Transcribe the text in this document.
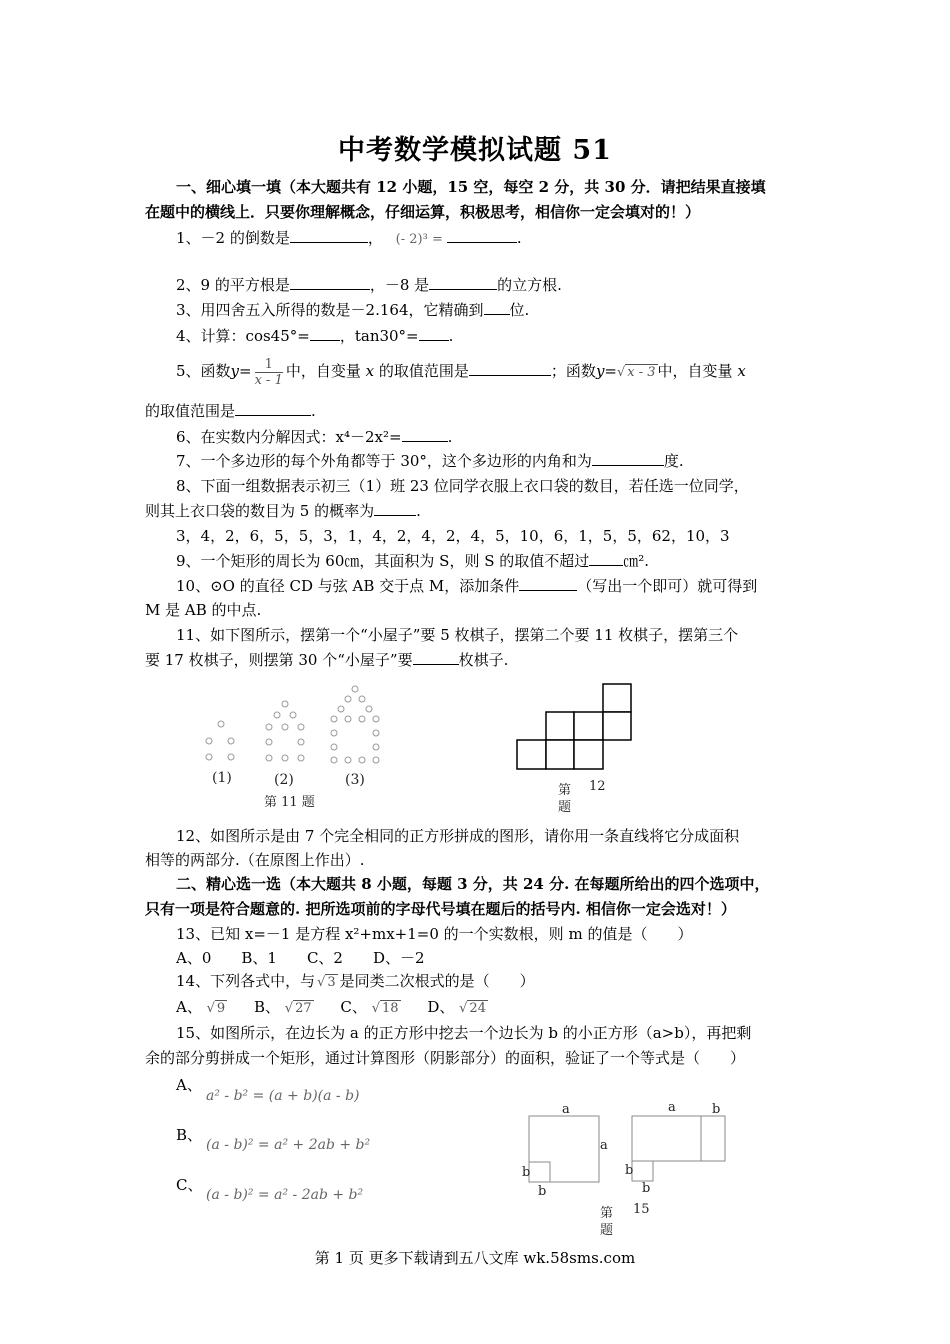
中考数学模拟试题 51
一、细心填一填（本大题共有 12 小题，15 空，每空 2 分，共 30 分．请把结果直接填
在题中的横线上．只要你理解概念，仔细运算，积极思考，相信你一定会填对的！）
1、－2 的倒数是	， (- 2)³ =	.
2、9 的平方根是	，－8 是	的立方根.
3、用四舍五入所得的数是－2.164，它精确到 位.
4、计算：cos45°= ，tan30°= .
5、函数$y= \frac{1}{x - 1}$ 中，自变量 x 的取值范围是	；函数y=√ x - 3 中，自变量 x
的取值范围是	.
6、在实数内分解因式：x⁴－2x²=	.
7、一个多边形的每个外角都等于 30°，这个多边形的内角和为	度.
8、下面一组数据表示初三（1）班 23 位同学衣服上衣口袋的数目，若任选一位同学，
则其上衣口袋的数目为 5 的概率为	.
3，4，2，6，5，5，3，1，4，2，4，2，4，5，10，6，1，5，5，62，10，3
9、一个矩形的周长为 60㎝，其面积为 S，则 S 的取值不超过 ㎝².
10、⊙O 的直径 CD 与弦 AB 交于点 M，添加条件	（写出一个即可）就可得到
M 是 AB 的中点.
11、如下图所示，摆第一个“小屋子”要 5 枚棋子，摆第二个要 11 枚棋子，摆第三个
要 17 枚棋子，则摆第 30 个“小屋子”要	枚棋子.
(1)	(2)	(3)
第 11 题
第 12
题
12、如图所示是由 7 个完全相同的正方形拼成的图形，请你用一条直线将它分成面积
相等的两部分.（在原图上作出）.
二、精心选一选（本大题共 8 小题，每题 3 分，共 24 分. 在每题所给出的四个选项中，
只有一项是符合题意的. 把所选项前的字母代号填在题后的括号内. 相信你一定会选对！）
13、已知 x=－1 是方程 x²+mx+1=0 的一个实数根，则 m 的值是（　　）
A、0　　B、1　　C、2　　D、－2
14、下列各式中，与 √ 3 是同类二次根式的是（　　）
A、 √ 9 B、 √ 27 C、 √ 18 D、 √ 24
15、如图所示，在边长为 a 的正方形中挖去一个边长为 b 的小正方形（a>b），再把剩
余的部分剪拼成一个矩形，通过计算图形（阴影部分）的面积，验证了一个等式是（　　）
A、
a² - b² = (a + b)(a - b)
B、
(a - b)² = a² + 2ab + b²
C、
(a - b)² = a² - 2ab + b²
a
a
b
b
a	b
b
b
第 15
题
第 1 页 更多下载请到五八文库 wk.58sms.com
